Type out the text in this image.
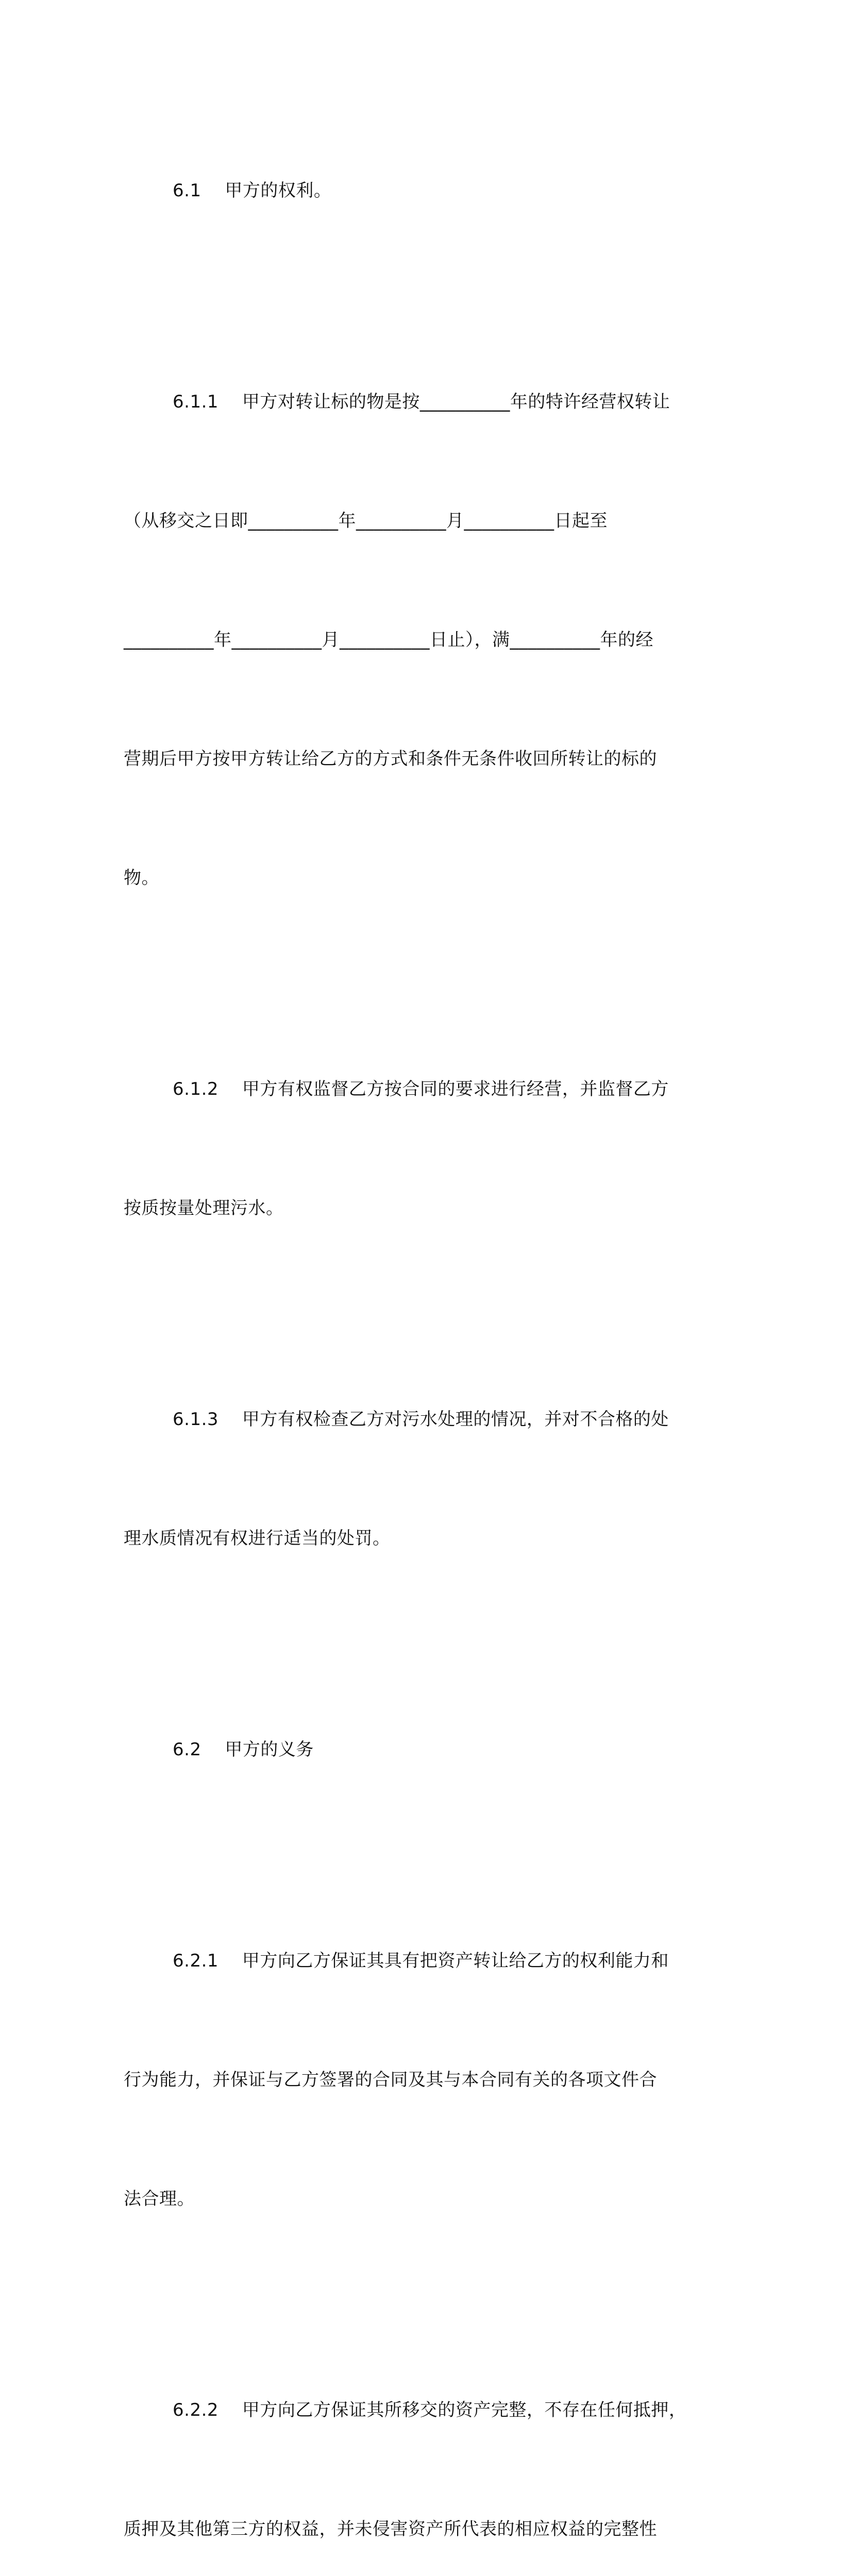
6.1　 甲方的权利。

6.1.1　 甲方对转让标的物是按__________年的特许经营权转让

（从移交之日即__________年__________月__________日起至

__________年__________月__________日止），满__________年的经

营期后甲方按甲方转让给乙方的方式和条件无条件收回所转让的标的

物。

6.1.2　 甲方有权监督乙方按合同的要求进行经营，并监督乙方

按质按量处理污水。

6.1.3　 甲方有权检查乙方对污水处理的情况，并对不合格的处

理水质情况有权进行适当的处罚。

6.2　 甲方的义务

6.2.1　 甲方向乙方保证其具有把资产转让给乙方的权利能力和

行为能力，并保证与乙方签署的合同及其与本合同有关的各项文件合

法合理。

6.2.2　 甲方向乙方保证其所移交的资产完整，不存在任何抵押，

质押及其他第三方的权益，并未侵害资产所代表的相应权益的完整性
